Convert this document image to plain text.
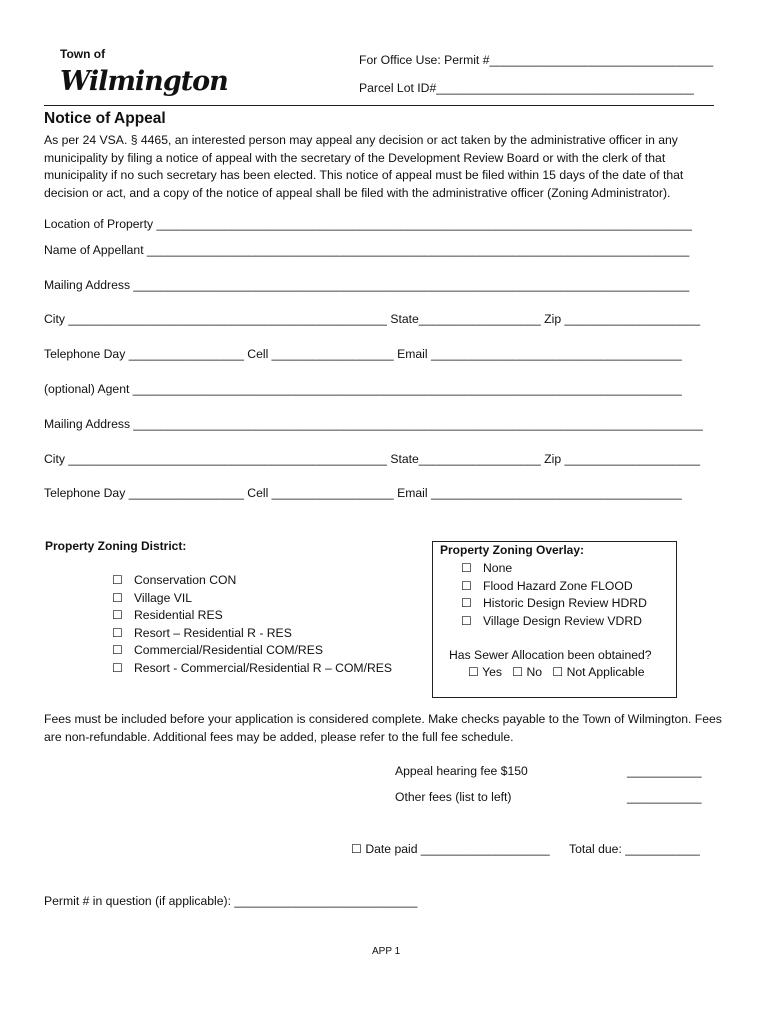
Town of
Wilmington
For Office Use: Permit #_________________________________
Parcel Lot ID#______________________________________
Notice of Appeal
As per 24 VSA. § 4465, an interested person may appeal any decision or act taken by the administrative officer in any municipality by filing a notice of appeal with the secretary of the Development Review Board or with the clerk of that municipality if no such secretary has been elected. This notice of appeal must be filed within 15 days of the date of that decision or act, and a copy of the notice of appeal shall be filed with the administrative officer (Zoning Administrator).
Location of Property _______________________________________________________________________________
Name of Appellant ________________________________________________________________________________
Mailing Address __________________________________________________________________________________
City _______________________________________________ State__________________ Zip ____________________
Telephone Day _________________ Cell __________________ Email _____________________________________
(optional) Agent _________________________________________________________________________________
Mailing Address ____________________________________________________________________________________
City _______________________________________________ State__________________ Zip ____________________
Telephone Day _________________ Cell __________________ Email _____________________________________
Property Zoning District:
☐ Conservation CON
☐ Village VIL
☐ Residential RES
☐ Resort – Residential R - RES
☐ Commercial/Residential COM/RES
☐ Resort - Commercial/Residential R – COM/RES
Property Zoning Overlay:
☐ None
☐ Flood Hazard Zone FLOOD
☐ Historic Design Review HDRD
☐ Village Design Review VDRD
Has Sewer Allocation been obtained?
☐ Yes ☐ No ☐ Not Applicable
Fees must be included before your application is considered complete. Make checks payable to the Town of Wilmington. Fees are non-refundable. Additional fees may be added, please refer to the full fee schedule.
Appeal hearing fee $150	___________
Other fees (list to left)	___________
☐ Date paid ___________________ Total due: ___________
Permit # in question (if applicable): ___________________________
APP 1
